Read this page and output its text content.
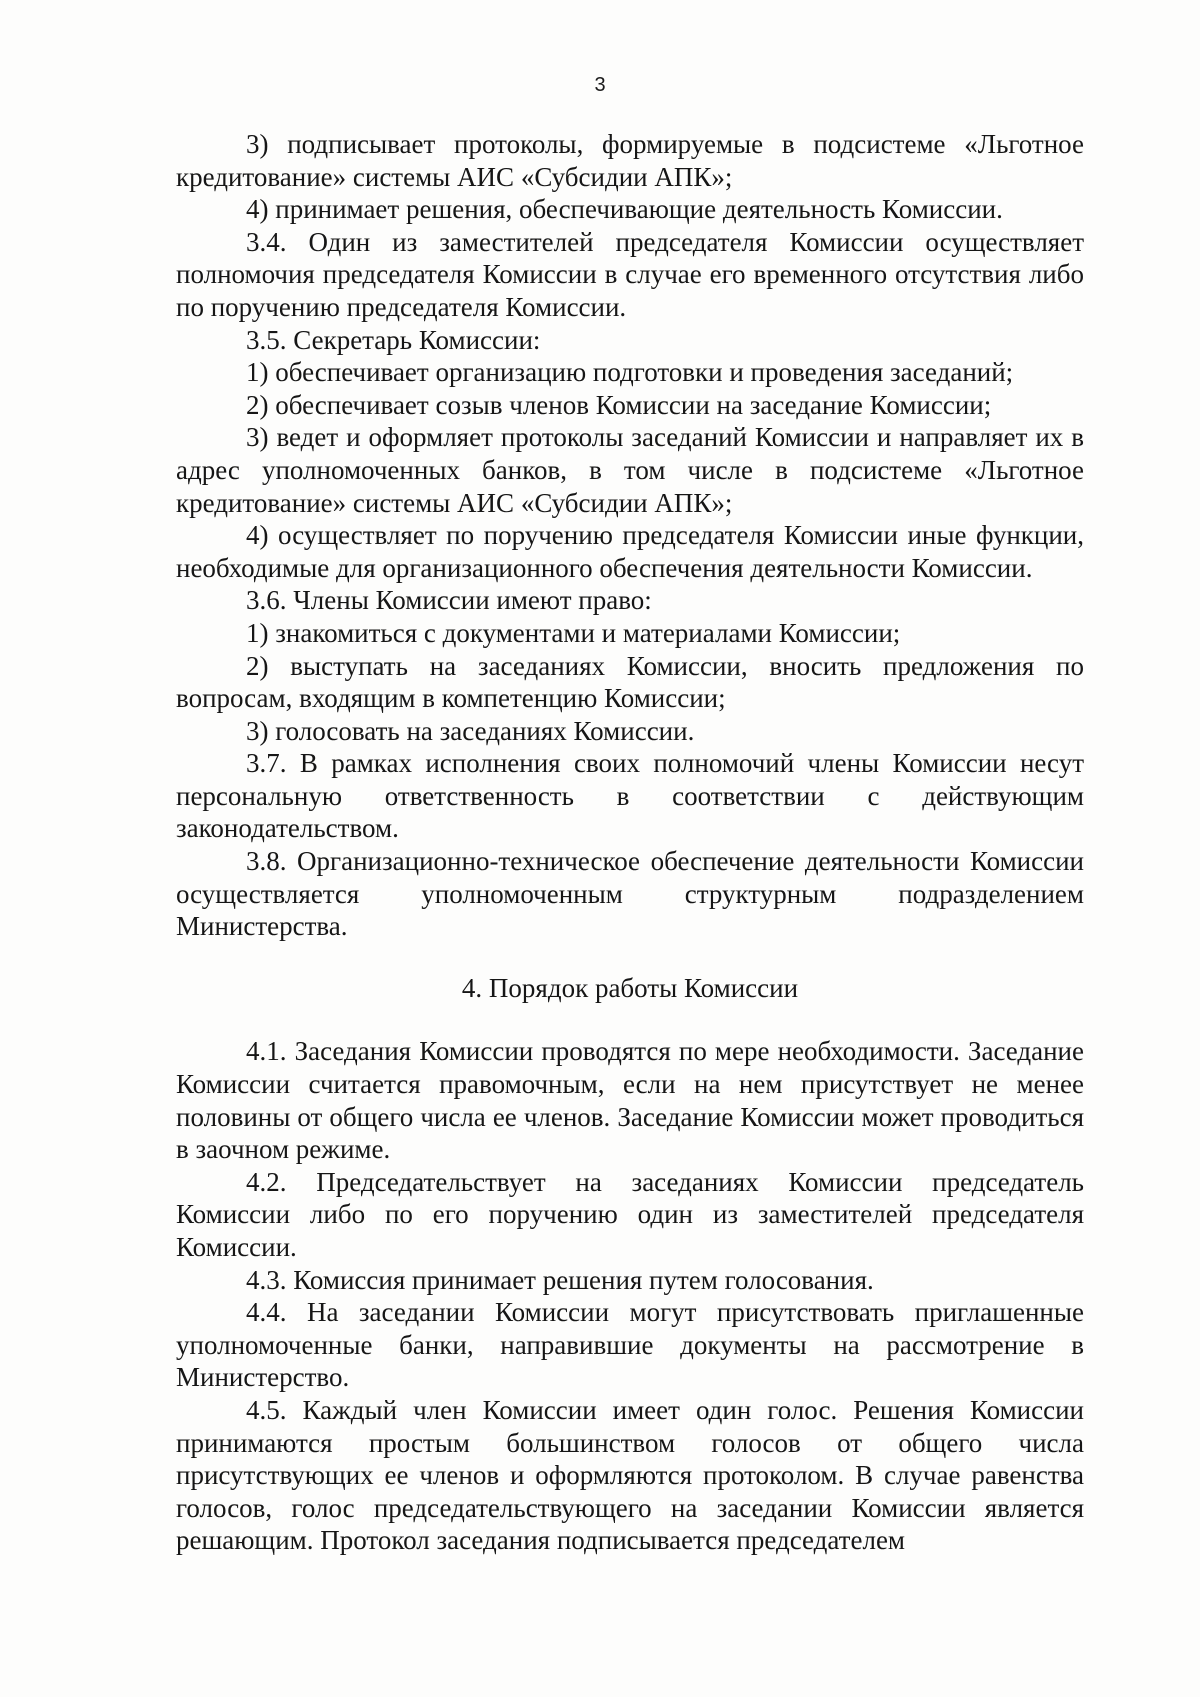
3

3) подписывает протоколы, формируемые в подсистеме «Льготное кредитование» системы АИС «Субсидии АПК»;

4) принимает решения, обеспечивающие деятельность Комиссии.

3.4. Один из заместителей председателя Комиссии осуществляет полномочия председателя Комиссии в случае его временного отсутствия либо по поручению председателя Комиссии.

3.5. Секретарь Комиссии:

1) обеспечивает организацию подготовки и проведения заседаний;

2) обеспечивает созыв членов Комиссии на заседание Комиссии;

3) ведет и оформляет протоколы заседаний Комиссии и направляет их в адрес уполномоченных банков, в том числе в подсистеме «Льготное кредитование» системы АИС «Субсидии АПК»;

4) осуществляет по поручению председателя Комиссии иные функции, необходимые для организационного обеспечения деятельности Комиссии.

3.6. Члены Комиссии имеют право:

1) знакомиться с документами и материалами Комиссии;

2) выступать на заседаниях Комиссии, вносить предложения по вопросам, входящим в компетенцию Комиссии;

3) голосовать на заседаниях Комиссии.

3.7. В рамках исполнения своих полномочий члены Комиссии несут персональную ответственность в соответствии с действующим законодательством.

3.8. Организационно-техническое обеспечение деятельности Комиссии осуществляется уполномоченным структурным подразделением Министерства.

4. Порядок работы Комиссии

4.1. Заседания Комиссии проводятся по мере необходимости. Заседание Комиссии считается правомочным, если на нем присутствует не менее половины от общего числа ее членов. Заседание Комиссии может проводиться в заочном режиме.

4.2. Председательствует на заседаниях Комиссии председатель Комиссии либо по его поручению один из заместителей председателя Комиссии.

4.3. Комиссия принимает решения путем голосования.

4.4. На заседании Комиссии могут присутствовать приглашенные уполномоченные банки, направившие документы на рассмотрение в Министерство.

4.5. Каждый член Комиссии имеет один голос. Решения Комиссии принимаются простым большинством голосов от общего числа присутствующих ее членов и оформляются протоколом. В случае равенства голосов, голос председательствующего на заседании Комиссии является решающим. Протокол заседания подписывается председателем
